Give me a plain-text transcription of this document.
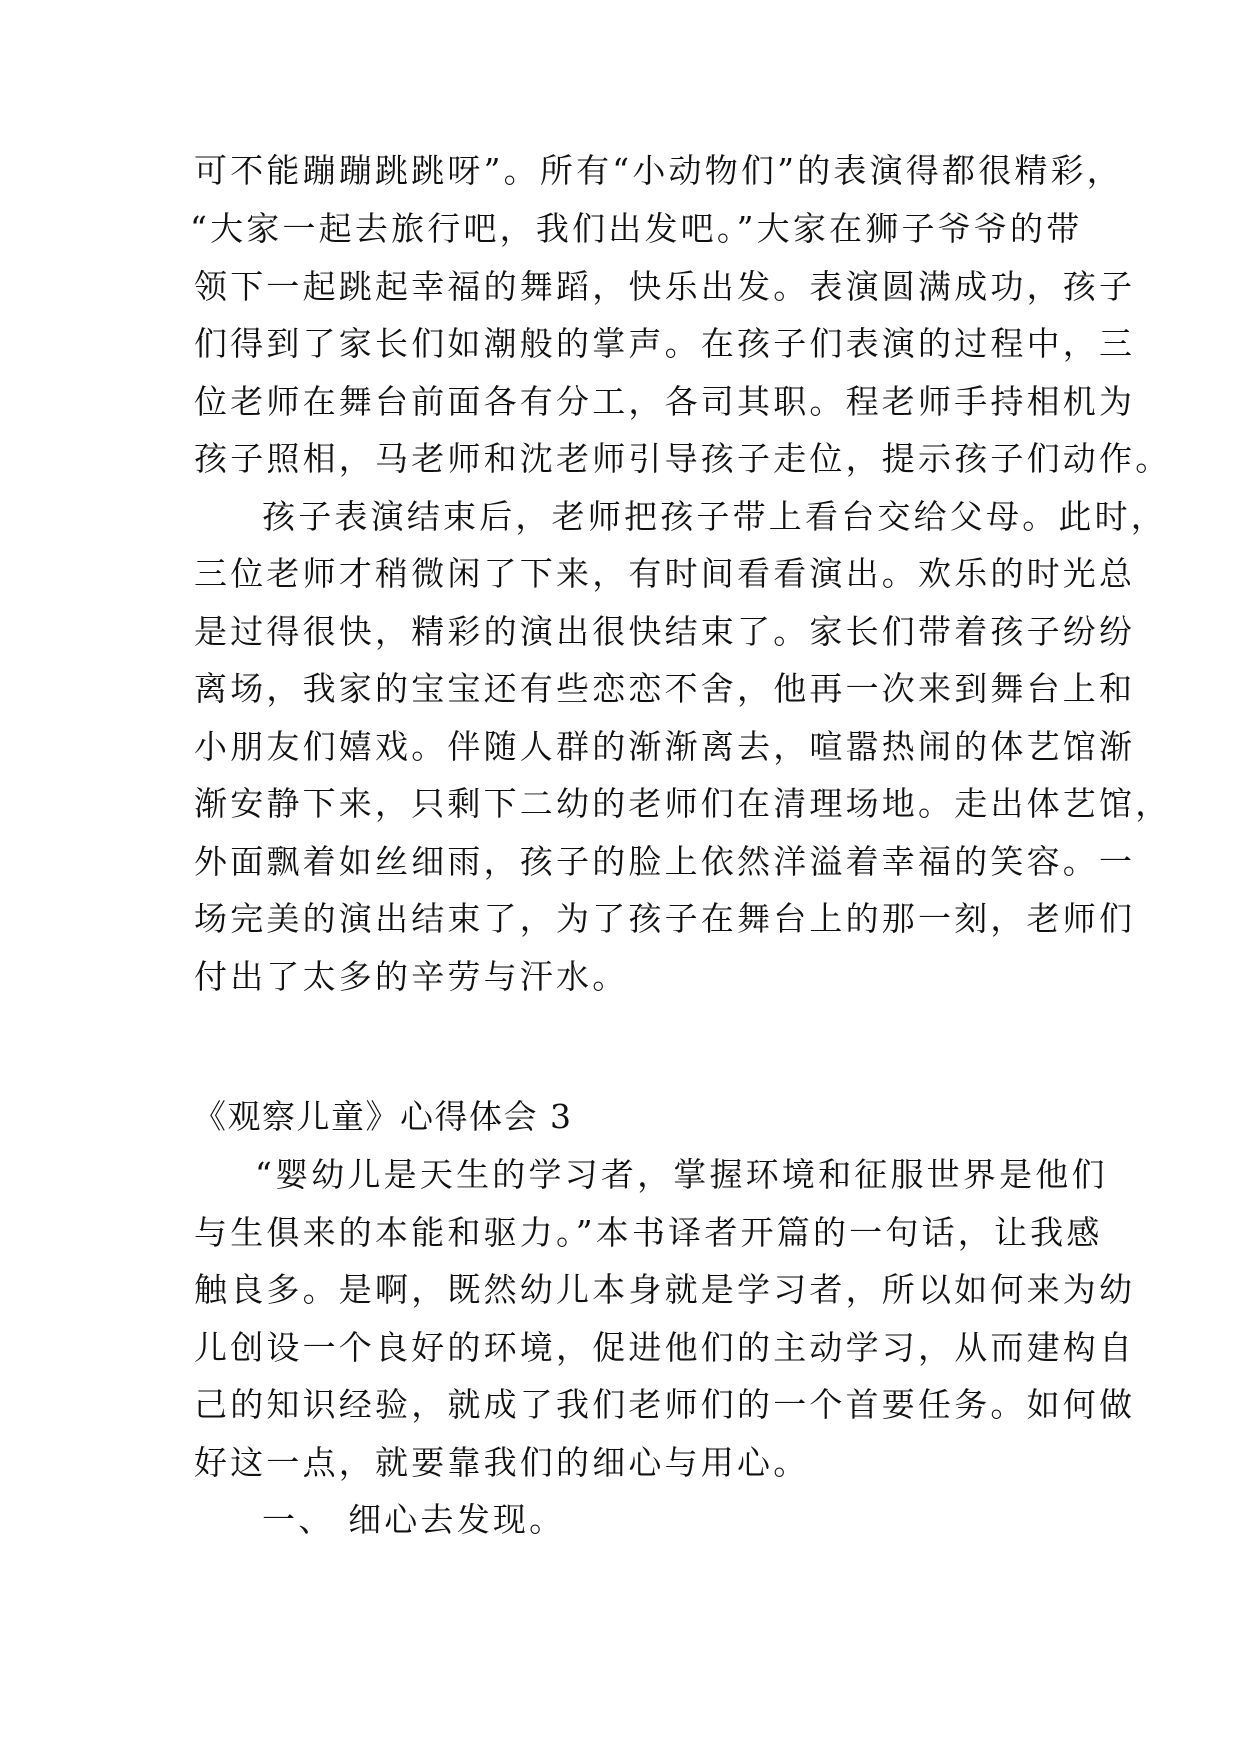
可不能蹦蹦跳跳呀”。所有“小动物们”的表演得都很精彩，
“大家一起去旅行吧，我们出发吧。”大家在狮子爷爷的带
领下一起跳起幸福的舞蹈，快乐出发。表演圆满成功，孩子
们得到了家长们如潮般的掌声。在孩子们表演的过程中，三
位老师在舞台前面各有分工，各司其职。程老师手持相机为
孩子照相，马老师和沈老师引导孩子走位，提示孩子们动作。
孩子表演结束后，老师把孩子带上看台交给父母。此时，
三位老师才稍微闲了下来，有时间看看演出。欢乐的时光总
是过得很快，精彩的演出很快结束了。家长们带着孩子纷纷
离场，我家的宝宝还有些恋恋不舍，他再一次来到舞台上和
小朋友们嬉戏。伴随人群的渐渐离去，喧嚣热闹的体艺馆渐
渐安静下来，只剩下二幼的老师们在清理场地。走出体艺馆，
外面飘着如丝细雨，孩子的脸上依然洋溢着幸福的笑容。一
场完美的演出结束了，为了孩子在舞台上的那一刻，老师们
付出了太多的辛劳与汗水。
《观察儿童》心得体会 3
“婴幼儿是天生的学习者，掌握环境和征服世界是他们
与生俱来的本能和驱力。”本书译者开篇的一句话，让我感
触良多。是啊，既然幼儿本身就是学习者，所以如何来为幼
儿创设一个良好的环境，促进他们的主动学习，从而建构自
己的知识经验，就成了我们老师们的一个首要任务。如何做
好这一点，就要靠我们的细心与用心。
一、 细心去发现。
